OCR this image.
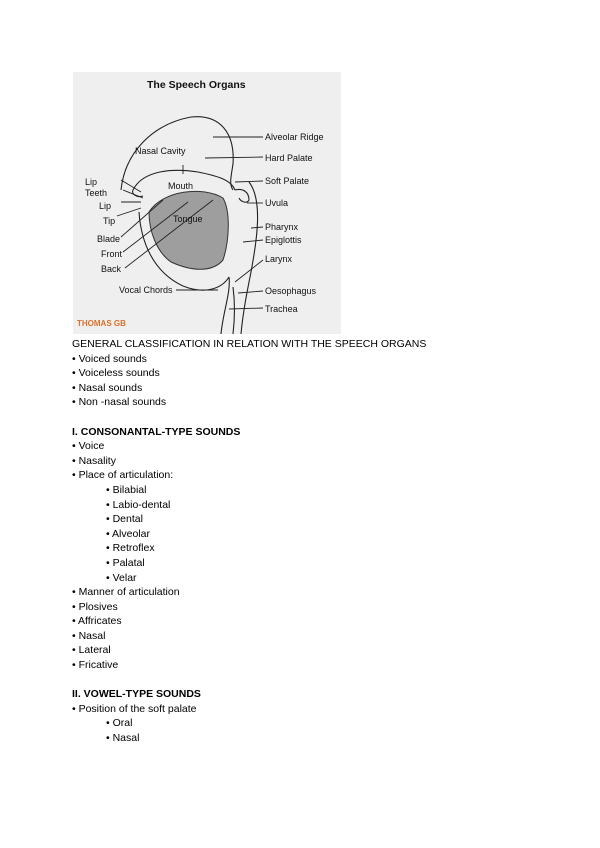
The Speech Organs
Nasal Cavity
Mouth
Tongue
Lip
Teeth
Lip
Tip
Blade
Front
Back
Vocal Chords
Alveolar Ridge
Hard Palate
Soft Palate
Uvula
Pharynx
Epiglottis
Larynx
Oesophagus
Trachea
THOMAS GB
GENERAL CLASSIFICATION IN RELATION WITH THE SPEECH ORGANS
• Voiced sounds
• Voiceless sounds
• Nasal sounds
• Non -nasal sounds
I. CONSONANTAL-TYPE SOUNDS
• Voice
• Nasality
• Place of articulation:
• Bilabial
• Labio-dental
• Dental
• Alveolar
• Retroflex
• Palatal
• Velar
• Manner of articulation
• Plosives
• Affricates
• Nasal
• Lateral
• Fricative
II. VOWEL-TYPE SOUNDS
• Position of the soft palate
• Oral
• Nasal
